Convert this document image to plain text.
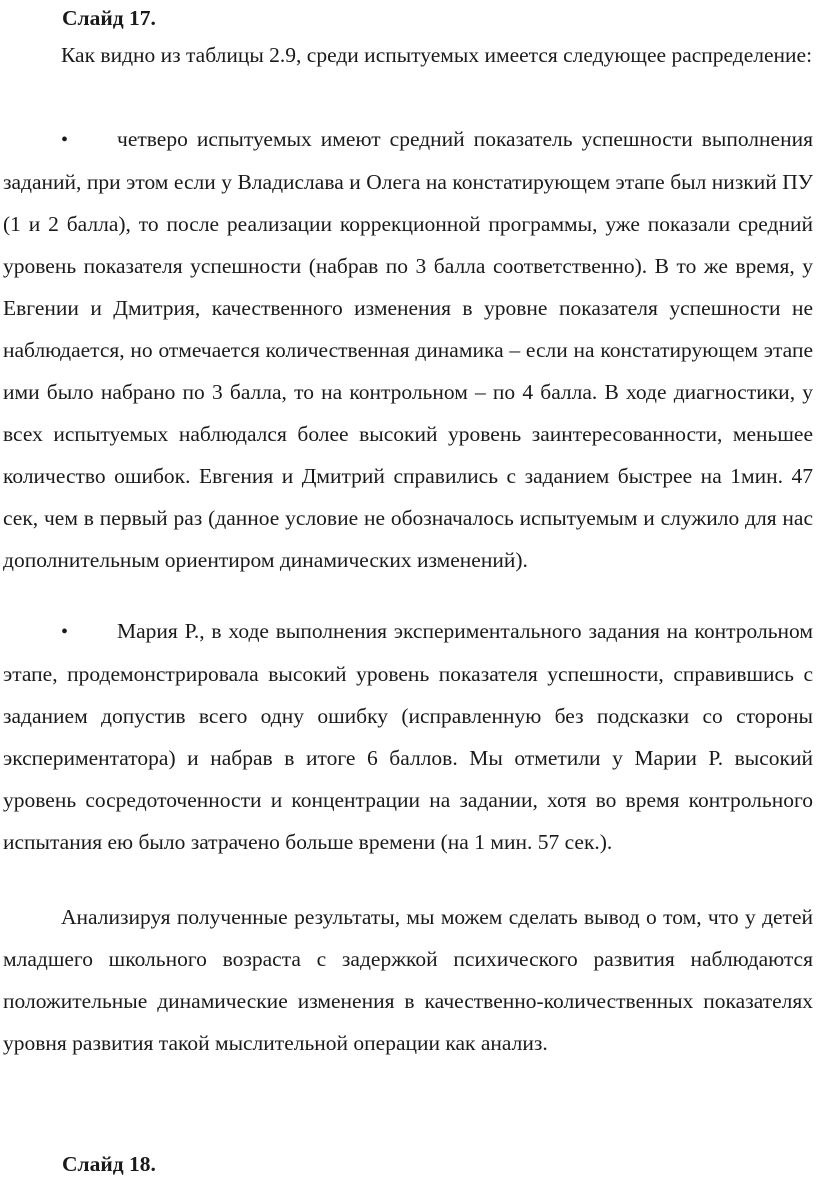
Слайд 17.

Как видно из таблицы 2.9, среди испытуемых имеется следующее распределение:

• четверо испытуемых имеют средний показатель успешности выполнения заданий, при этом если у Владислава и Олега на констатирующем этапе был низкий ПУ (1 и 2 балла), то после реализации коррекционной программы, уже показали средний уровень показателя успешности (набрав по 3 балла соответственно). В то же время, у Евгении и Дмитрия, качественного изменения в уровне показателя успешности не наблюдается, но отмечается количественная динамика – если на констатирующем этапе ими было набрано по 3 балла, то на контрольном – по 4 балла. В ходе диагностики, у всех испытуемых наблюдался более высокий уровень заинтересованности, меньшее количество ошибок. Евгения и Дмитрий справились с заданием быстрее на 1мин. 47 сек, чем в первый раз (данное условие не обозначалось испытуемым и служило для нас дополнительным ориентиром динамических изменений).

• Мария Р., в ходе выполнения экспериментального задания на контрольном этапе, продемонстрировала высокий уровень показателя успешности, справившись с заданием допустив всего одну ошибку (исправленную без подсказки со стороны экспериментатора) и набрав в итоге 6 баллов. Мы отметили у Марии Р. высокий уровень сосредоточенности и концентрации на задании, хотя во время контрольного испытания ею было затрачено больше времени (на 1 мин. 57 сек.).

Анализируя полученные результаты, мы можем сделать вывод о том, что у детей младшего школьного возраста с задержкой психического развития наблюдаются положительные динамические изменения в качественно-количественных показателях уровня развития такой мыслительной операции как анализ.

Слайд 18.
